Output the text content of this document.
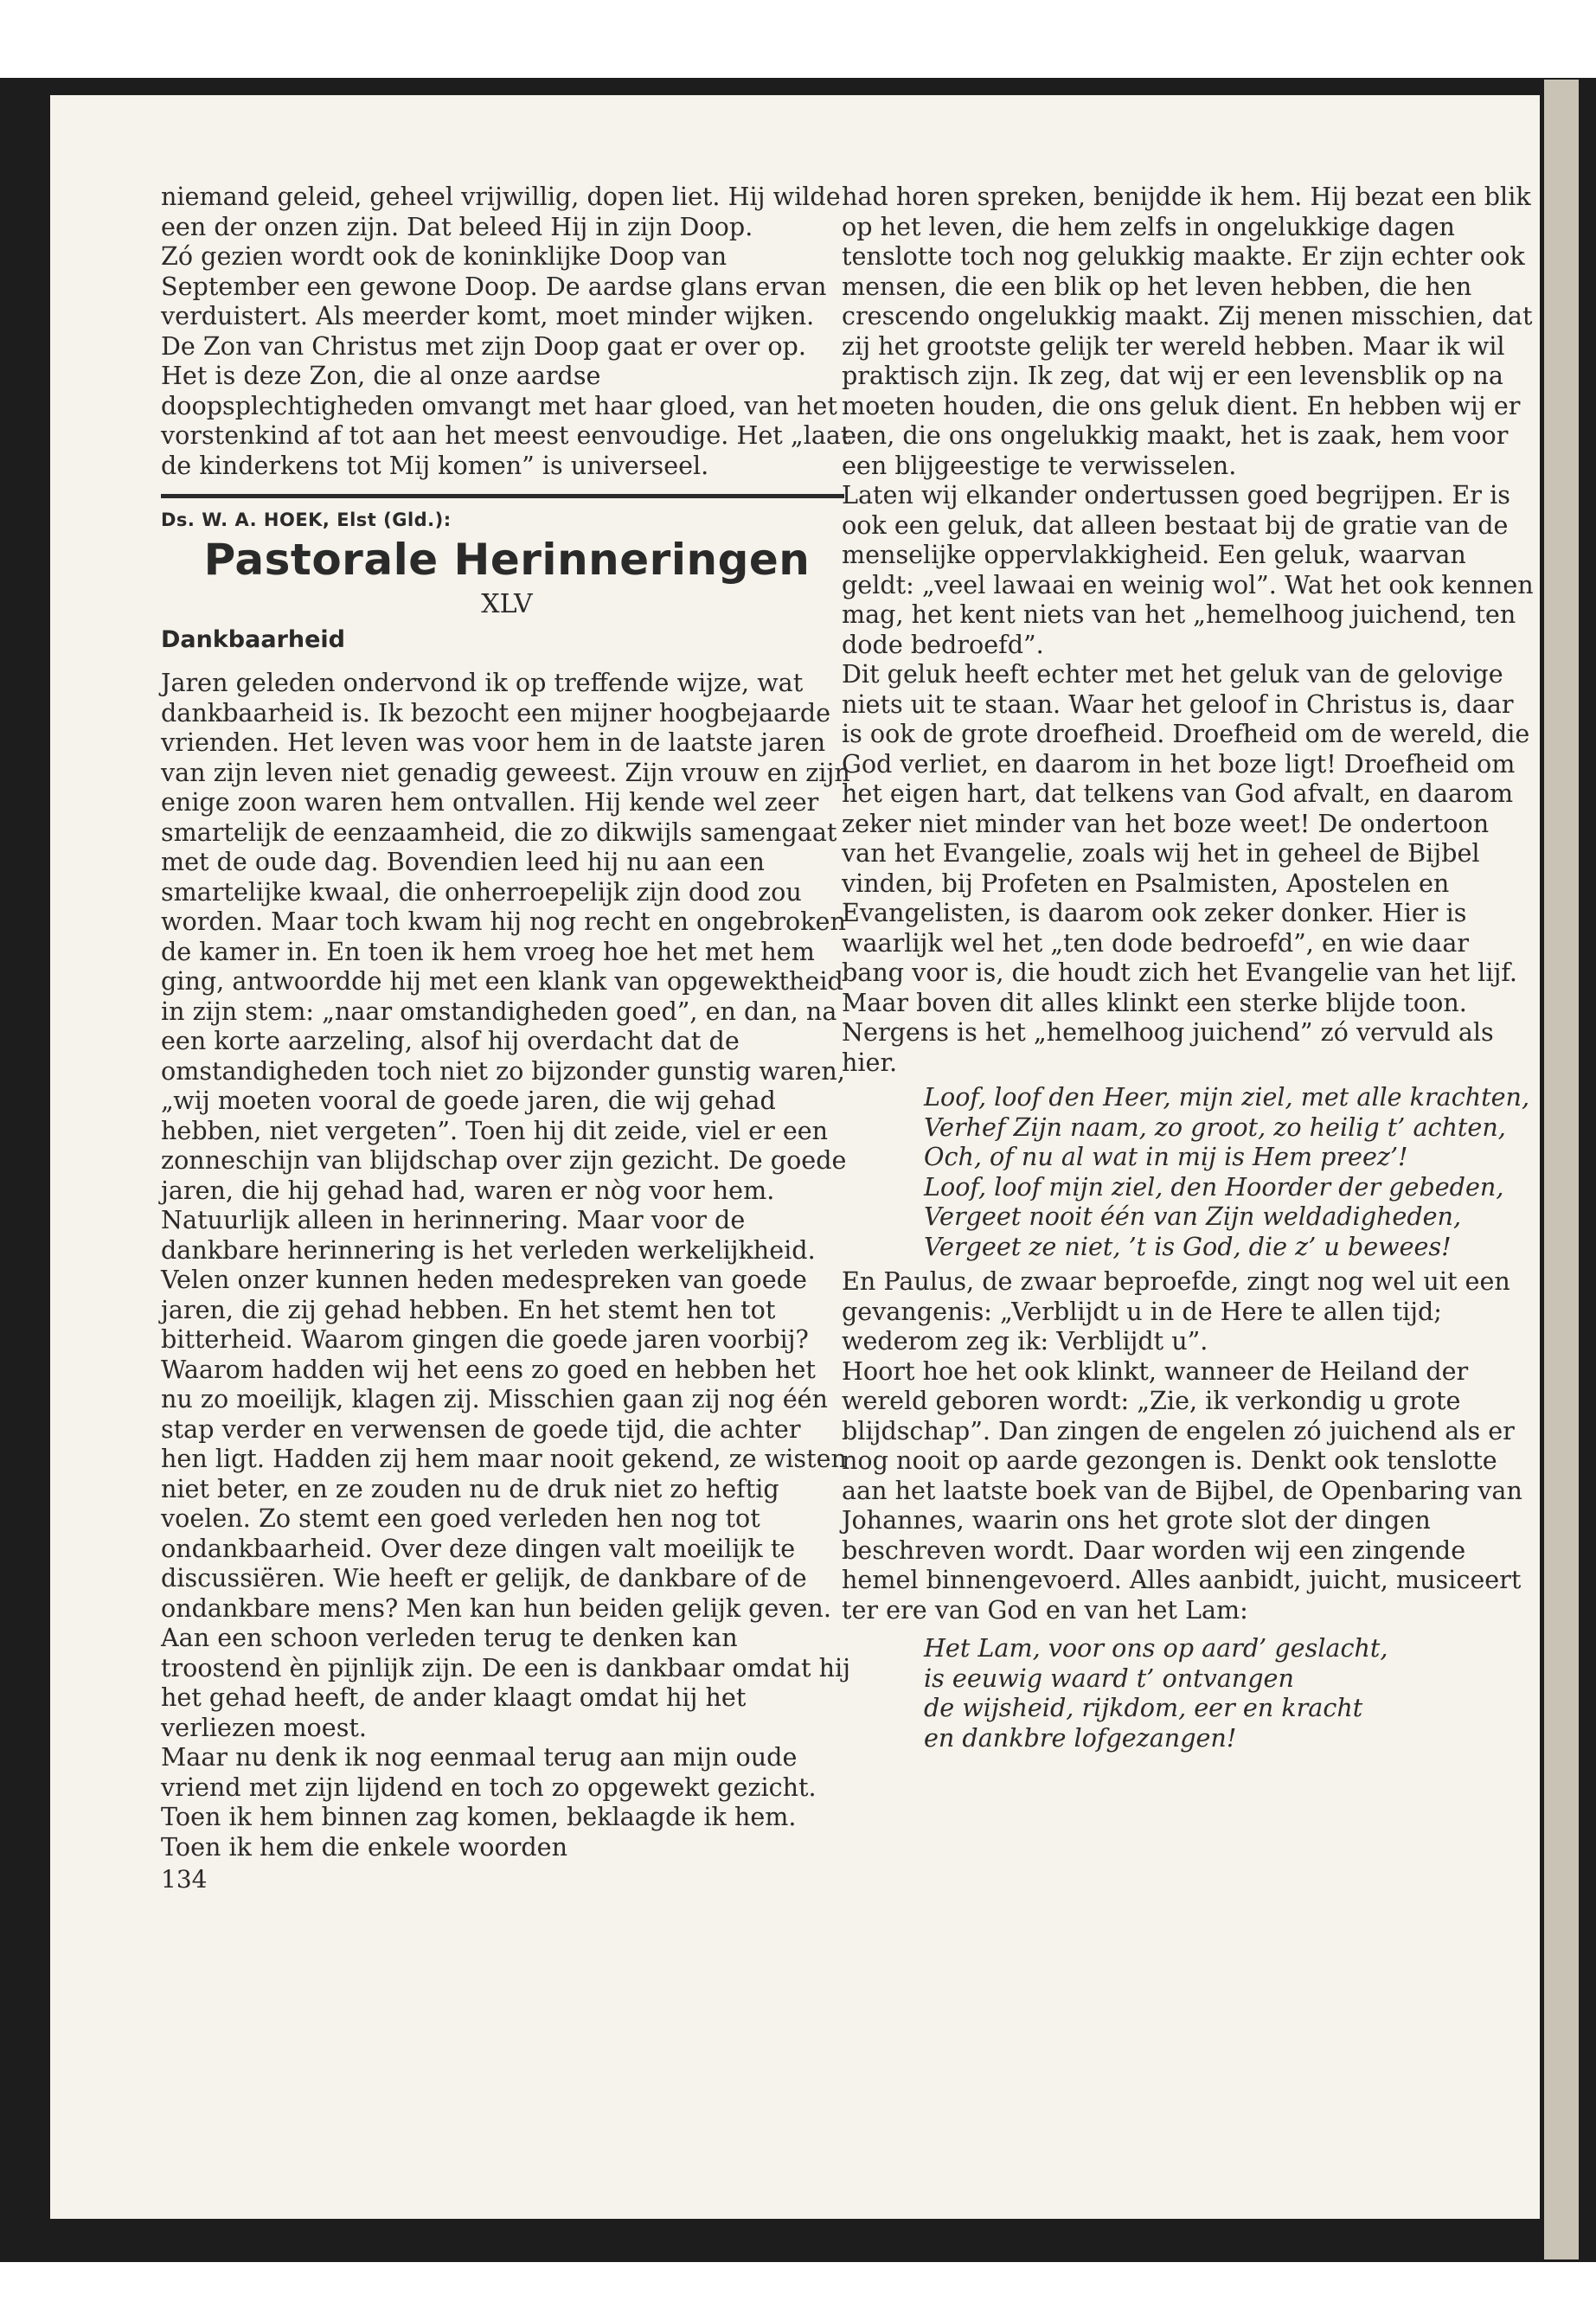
niemand geleid, geheel vrijwillig, dopen liet. Hij wilde een der onzen zijn. Dat beleed Hij in zijn Doop.

Zó gezien wordt ook de koninklijke Doop van September een gewone Doop. De aardse glans ervan verduistert. Als meerder komt, moet minder wijken. De Zon van Christus met zijn Doop gaat er over op. Het is deze Zon, die al onze aardse doopsplechtigheden omvangt met haar gloed, van het vorstenkind af tot aan het meest eenvoudige. Het „laat de kinderkens tot Mij komen” is universeel.

Ds. W. A. HOEK, Elst (Gld.):
Pastorale Herinneringen
XLV
Dankbaarheid

Jaren geleden ondervond ik op treffende wijze, wat dankbaarheid is. Ik bezocht een mijner hoogbejaarde vrienden. Het leven was voor hem in de laatste jaren van zijn leven niet genadig geweest. Zijn vrouw en zijn enige zoon waren hem ontvallen. Hij kende wel zeer smartelijk de eenzaamheid, die zo dikwijls samengaat met de oude dag. Bovendien leed hij nu aan een smartelijke kwaal, die onherroepelijk zijn dood zou worden. Maar toch kwam hij nog recht en ongebroken de kamer in. En toen ik hem vroeg hoe het met hem ging, antwoordde hij met een klank van opgewektheid in zijn stem: „naar omstandigheden goed”, en dan, na een korte aarzeling, alsof hij overdacht dat de omstandigheden toch niet zo bijzonder gunstig waren, „wij moeten vooral de goede jaren, die wij gehad hebben, niet vergeten”. Toen hij dit zeide, viel er een zonneschijn van blijdschap over zijn gezicht. De goede jaren, die hij gehad had, waren er nòg voor hem. Natuurlijk alleen in herinnering. Maar voor de dankbare herinnering is het verleden werkelijkheid. Velen onzer kunnen heden medespreken van goede jaren, die zij gehad hebben. En het stemt hen tot bitterheid. Waarom gingen die goede jaren voorbij? Waarom hadden wij het eens zo goed en hebben het nu zo moeilijk, klagen zij. Misschien gaan zij nog één stap verder en verwensen de goede tijd, die achter hen ligt. Hadden zij hem maar nooit gekend, ze wisten niet beter, en ze zouden nu de druk niet zo heftig voelen. Zo stemt een goed verleden hen nog tot ondankbaarheid. Over deze dingen valt moeilijk te discussiëren. Wie heeft er gelijk, de dankbare of de ondankbare mens? Men kan hun beiden gelijk geven. Aan een schoon verleden terug te denken kan troostend èn pijnlijk zijn. De een is dankbaar omdat hij het gehad heeft, de ander klaagt omdat hij het verliezen moest.

Maar nu denk ik nog eenmaal terug aan mijn oude vriend met zijn lijdend en toch zo opgewekt gezicht. Toen ik hem binnen zag komen, beklaagde ik hem. Toen ik hem die enkele woorden

134

had horen spreken, benijdde ik hem. Hij bezat een blik op het leven, die hem zelfs in ongelukkige dagen tenslotte toch nog gelukkig maakte. Er zijn echter ook mensen, die een blik op het leven hebben, die hen crescendo ongelukkig maakt. Zij menen misschien, dat zij het grootste gelijk ter wereld hebben. Maar ik wil praktisch zijn. Ik zeg, dat wij er een levensblik op na moeten houden, die ons geluk dient. En hebben wij er een, die ons ongelukkig maakt, het is zaak, hem voor een blijgeestige te verwisselen.

Laten wij elkander ondertussen goed begrijpen. Er is ook een geluk, dat alleen bestaat bij de gratie van de menselijke oppervlakkigheid. Een geluk, waarvan geldt: „veel lawaai en weinig wol”. Wat het ook kennen mag, het kent niets van het „hemelhoog juichend, ten dode bedroefd”.

Dit geluk heeft echter met het geluk van de gelovige niets uit te staan. Waar het geloof in Christus is, daar is ook de grote droefheid. Droefheid om de wereld, die God verliet, en daarom in het boze ligt! Droefheid om het eigen hart, dat telkens van God afvalt, en daarom zeker niet minder van het boze weet! De ondertoon van het Evangelie, zoals wij het in geheel de Bijbel vinden, bij Profeten en Psalmisten, Apostelen en Evangelisten, is daarom ook zeker donker. Hier is waarlijk wel het „ten dode bedroefd”, en wie daar bang voor is, die houdt zich het Evangelie van het lijf. Maar boven dit alles klinkt een sterke blijde toon. Nergens is het „hemelhoog juichend” zó vervuld als hier.

Loof, loof den Heer, mijn ziel, met alle krachten,
Verhef Zijn naam, zo groot, zo heilig t’ achten,
Och, of nu al wat in mij is Hem preez’!
Loof, loof mijn ziel, den Hoorder der gebeden,
Vergeet nooit één van Zijn weldadigheden,
Vergeet ze niet, ’t is God, die z’ u bewees!

En Paulus, de zwaar beproefde, zingt nog wel uit een gevangenis: „Verblijdt u in de Here te allen tijd; wederom zeg ik: Verblijdt u”.

Hoort hoe het ook klinkt, wanneer de Heiland der wereld geboren wordt: „Zie, ik verkondig u grote blijdschap”. Dan zingen de engelen zó juichend als er nog nooit op aarde gezongen is. Denkt ook tenslotte aan het laatste boek van de Bijbel, de Openbaring van Johannes, waarin ons het grote slot der dingen beschreven wordt. Daar worden wij een zingende hemel binnengevoerd. Alles aanbidt, juicht, musiceert ter ere van God en van het Lam:

Het Lam, voor ons op aard’ geslacht,
is eeuwig waard t’ ontvangen
de wijsheid, rijkdom, eer en kracht
en dankbre lofgezangen!
